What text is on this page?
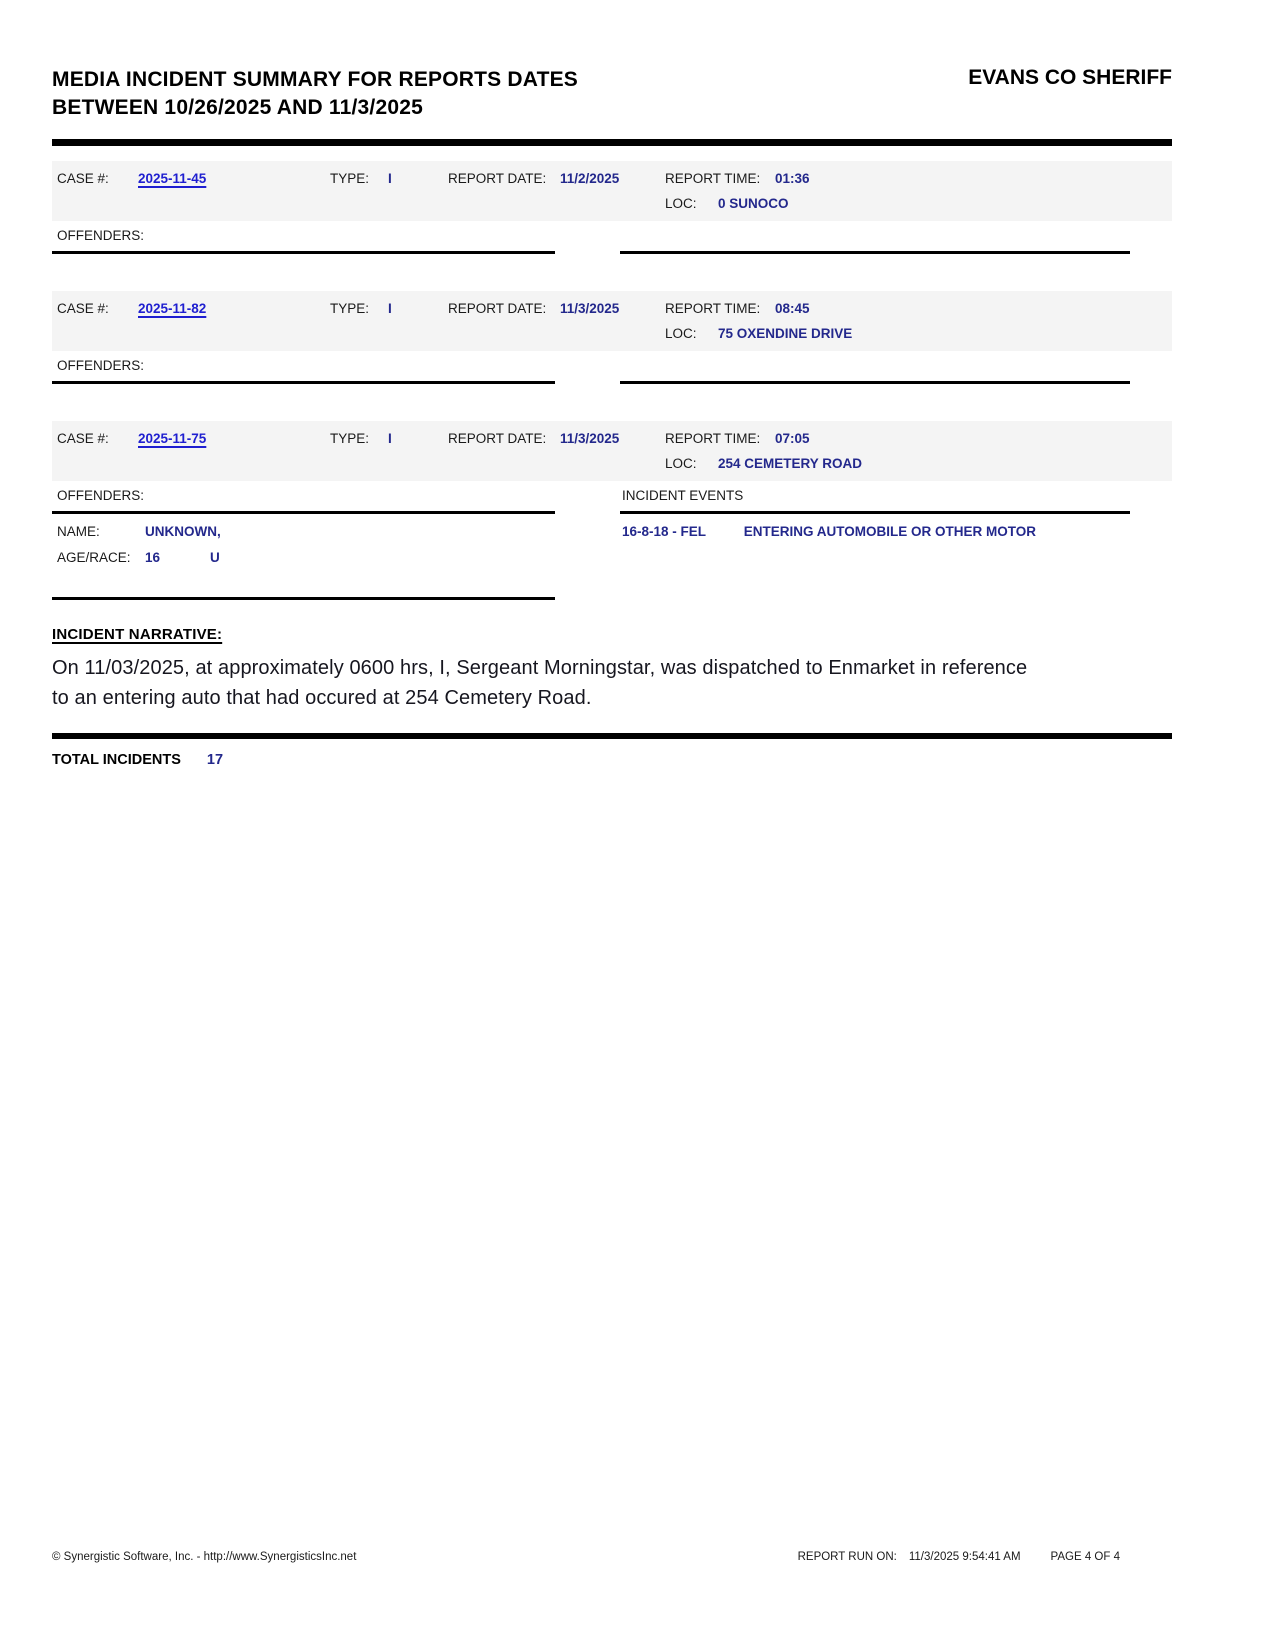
MEDIA INCIDENT SUMMARY FOR REPORTS DATES
BETWEEN 10/26/2025 AND 11/3/2025
EVANS CO SHERIFF
CASE #: 2025-11-45	TYPE: I	REPORT DATE: 11/2/2025	REPORT TIME: 01:36
LOC: 0 SUNOCO
OFFENDERS:
CASE #: 2025-11-82	TYPE: I	REPORT DATE: 11/3/2025	REPORT TIME: 08:45
LOC: 75 OXENDINE DRIVE
OFFENDERS:
CASE #: 2025-11-75	TYPE: I	REPORT DATE: 11/3/2025	REPORT TIME: 07:05
LOC: 254 CEMETERY ROAD
OFFENDERS:	INCIDENT EVENTS
NAME:	UNKNOWN,	16-8-18 - FEL	ENTERING AUTOMOBILE OR OTHER MOTOR
AGE/RACE: 16	U
INCIDENT NARRATIVE:
On 11/03/2025, at approximately 0600 hrs, I, Sergeant Morningstar, was dispatched to Enmarket in reference to an entering auto that had occured at 254 Cemetery Road.
TOTAL INCIDENTS 17
© Synergistic Software, Inc. - http://www.SynergisticsInc.net	REPORT RUN ON: 11/3/2025 9:54:41 AM	PAGE 4 OF 4
